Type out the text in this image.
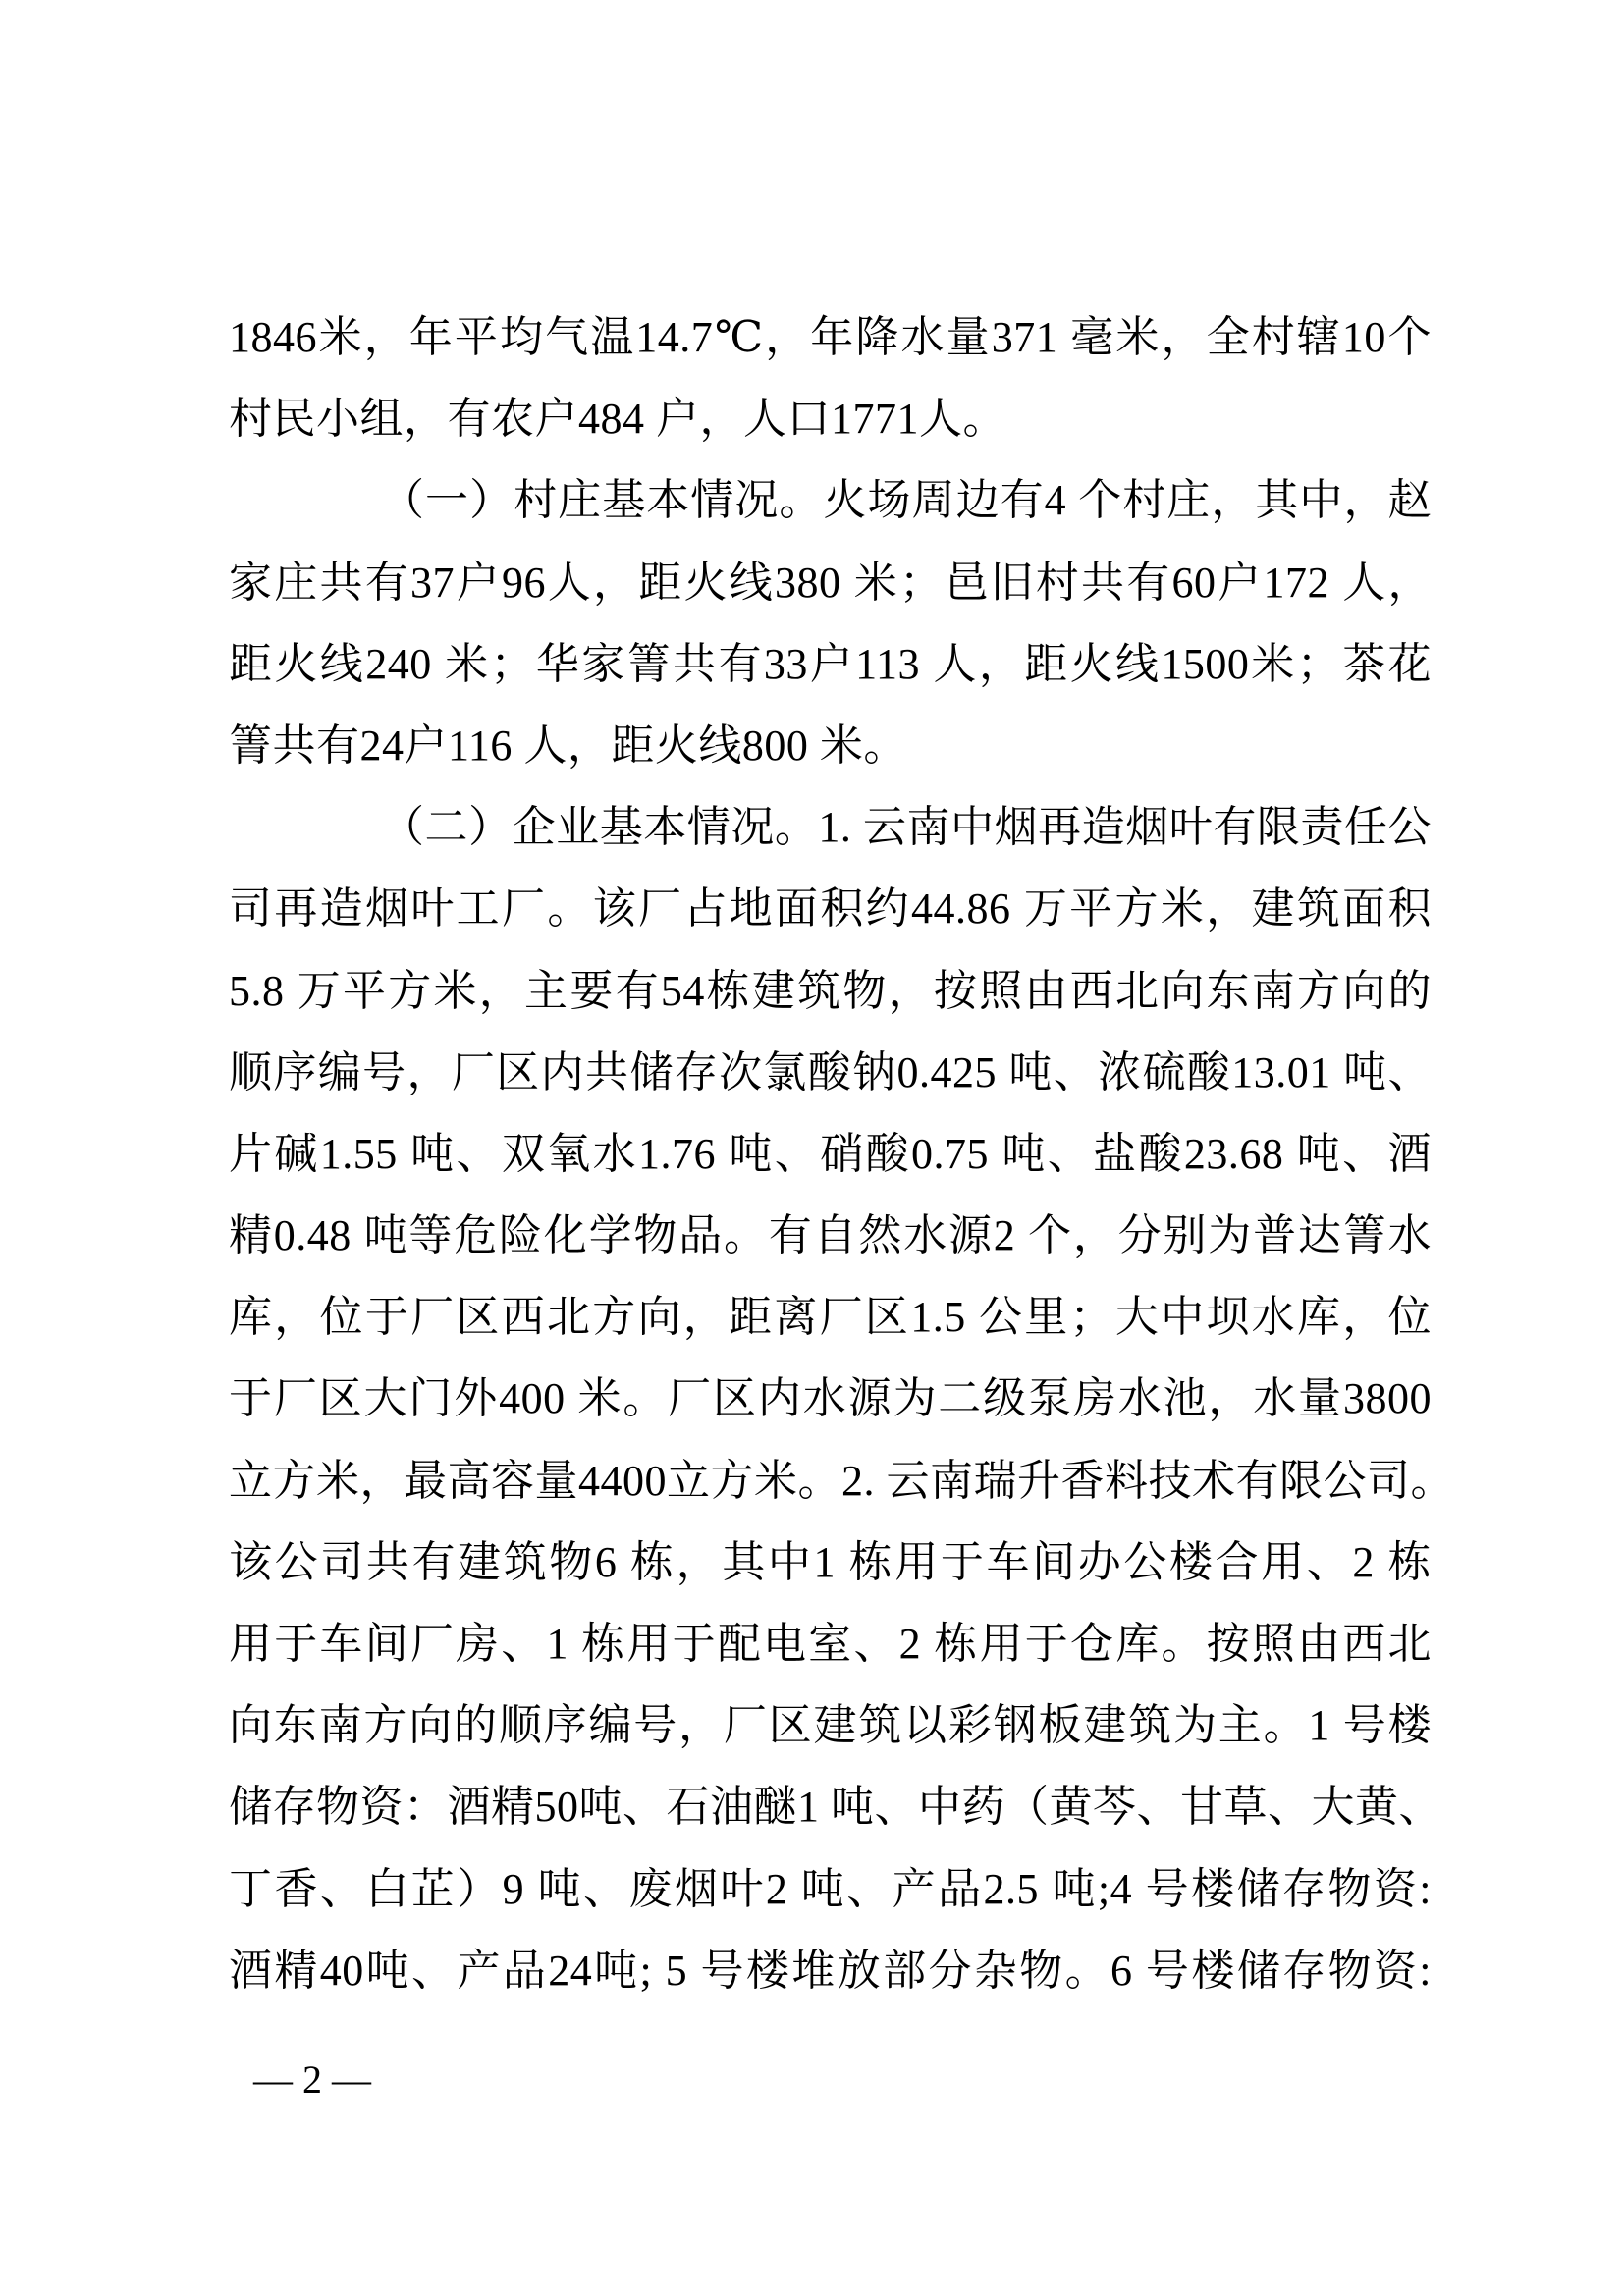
1846米，年平均气温14.7℃，年降水量371 毫米，全村辖10个
村民小组，有农户484 户，人口1771人。
（一）村庄基本情况。火场周边有4 个村庄，其中，赵
家庄共有37户96人，距火线380 米；邑旧村共有60户172 人，
距火线240 米；华家箐共有33户113 人，距火线1500米；茶花
箐共有24户116 人，距火线800 米。
（二）企业基本情况。1. 云南中烟再造烟叶有限责任公
司再造烟叶工厂。该厂占地面积约44.86 万平方米，建筑面积
5.8 万平方米，主要有54栋建筑物，按照由西北向东南方向的
顺序编号，厂区内共储存次氯酸钠0.425 吨、浓硫酸13.01 吨、
片碱1.55 吨、双氧水1.76 吨、硝酸0.75 吨、盐酸23.68 吨、酒
精0.48 吨等危险化学物品。有自然水源2 个，分别为普达箐水
库，位于厂区西北方向，距离厂区1.5 公里；大中坝水库，位
于厂区大门外400 米。厂区内水源为二级泵房水池，水量3800
立方米，最高容量4400立方米。2. 云南瑞升香料技术有限公司。
该公司共有建筑物6 栋，其中1 栋用于车间办公楼合用、2 栋
用于车间厂房、1 栋用于配电室、2 栋用于仓库。按照由西北
向东南方向的顺序编号，厂区建筑以彩钢板建筑为主。1 号楼
储存物资：酒精50吨、石油醚1 吨、中药（黄芩、甘草、大黄、
丁香、白芷）9 吨、废烟叶2 吨、产品2.5 吨;4 号楼储存物资:
酒精40吨、产品24吨; 5 号楼堆放部分杂物。6 号楼储存物资:
— 2 —
